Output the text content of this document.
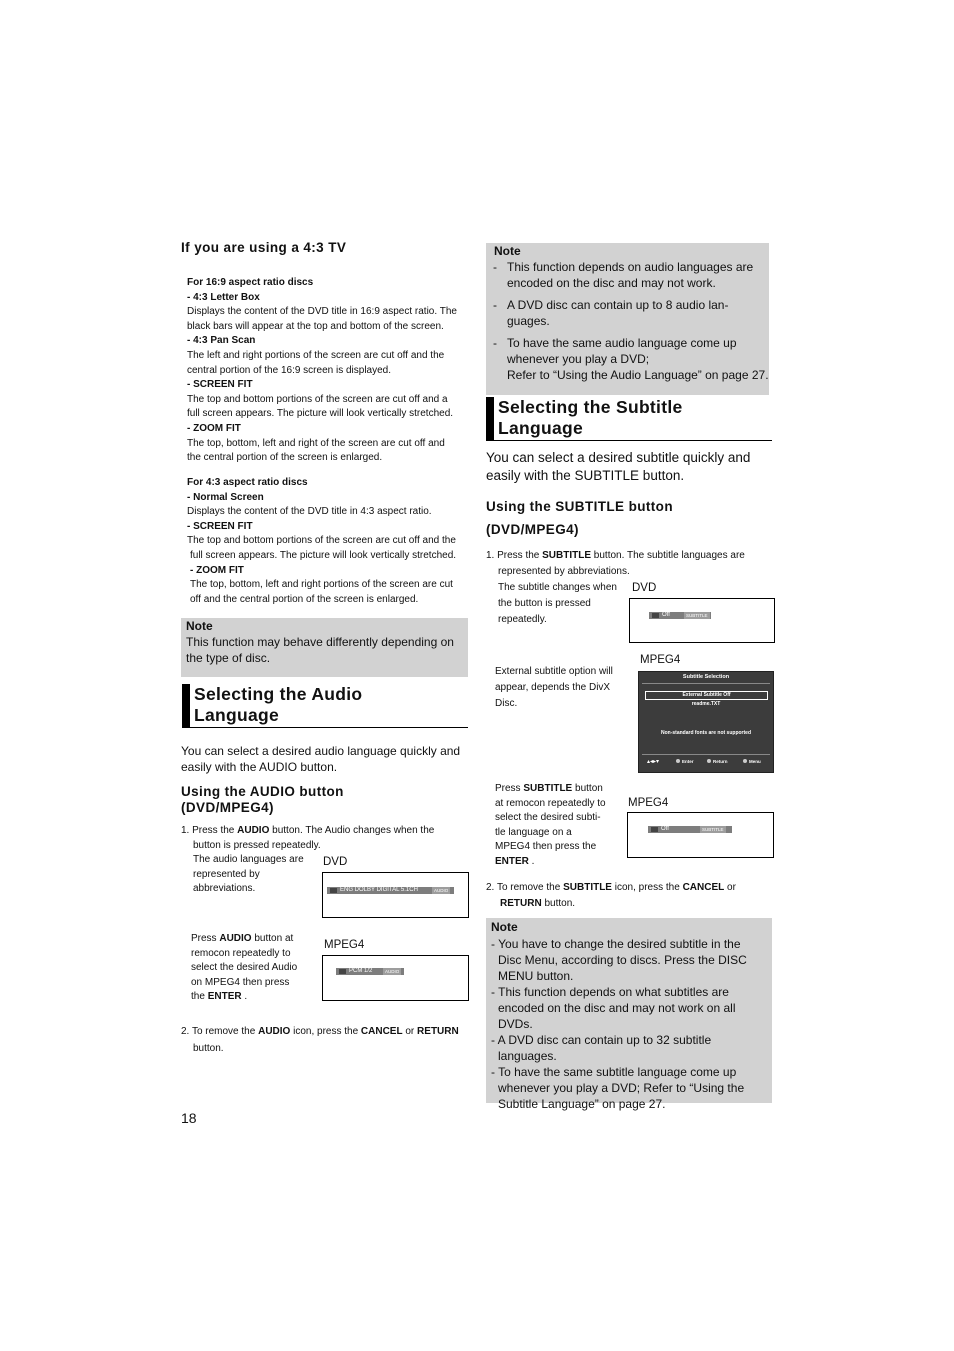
If you are using a 4:3 TV
For 16:9 aspect ratio discs
- 4:3 Letter Box
Displays the content of the DVD title in 16:9 aspect ratio. The
black bars will appear at the top and bottom of the screen.
- 4:3 Pan Scan
The left and right portions of the screen are cut off and the
central portion of the 16:9 screen is displayed.
- SCREEN FIT
The top and bottom portions of the screen are cut off and a
full screen appears. The picture will look vertically stretched.
- ZOOM FIT
The top, bottom, left and right of the screen are cut off and
the central portion of the screen is enlarged.
For 4:3 aspect ratio discs
- Normal Screen
Displays the content of the DVD title in 4:3 aspect ratio.
- SCREEN FIT
The top and bottom portions of the screen are cut off and the
full screen appears. The picture will look vertically stretched.
- ZOOM FIT
The top, bottom, left and right portions of the screen are cut
off and the central portion of the screen is enlarged.
Note
This function may behave differently depending on
the type of disc.
Selecting the Audio
Language
You can select a desired audio language quickly and
easily with the AUDIO button.
Using the AUDIO button
(DVD/MPEG4)
1. Press the AUDIO button. The Audio changes when the
button is pressed repeatedly.
The audio languages are
represented by
abbreviations.
DVD
ENG DOLBY DIGITAL 5.1CH	AUDIO
Press AUDIO button at
remocon repeatedly to
select the desired Audio
on MPEG4 then press
the ENTER .
MPEG4
PCM 1/2	AUDIO
2. To remove the AUDIO icon, press the CANCEL or RETURN
button.
18
Note
- This function depends on audio languages are
encoded on the disc and may not work.
- A DVD disc can contain up to 8 audio lan-
guages.
- To have the same audio language come up
whenever you play a DVD;
Refer to “Using the Audio Language” on page 27.
Selecting the Subtitle
Language
You can select a desired subtitle quickly and
easily with the SUBTITLE button.
Using the SUBTITLE button
(DVD/MPEG4)
1. Press the SUBTITLE button. The subtitle languages are
represented by abbreviations.
The subtitle changes when
the button is pressed
repeatedly.
DVD
Off	SUBTITLE
MPEG4
External subtitle option will
appear, depends the DivX
Disc.
Subtitle Selection
External Subtitle Off
readme.TXT
Non-standard fonts are not supported
▴◂▸▾	Enter	Return	Menu
Press SUBTITLE button
at remocon repeatedly to
select the desired subti-
tle language on a
MPEG4 then press the
ENTER .
MPEG4
Off	SUBTITLE
2. To remove the SUBTITLE icon, press the CANCEL or
RETURN button.
Note
- You have to change the desired subtitle in the
Disc Menu, according to discs. Press the DISC
MENU button.
- This function depends on what subtitles are
encoded on the disc and may not work on all DVDs.
- A DVD disc can contain up to 32 subtitle
languages.
- To have the same subtitle language come up
whenever you play a DVD; Refer to “Using the
Subtitle Language” on page 27.
